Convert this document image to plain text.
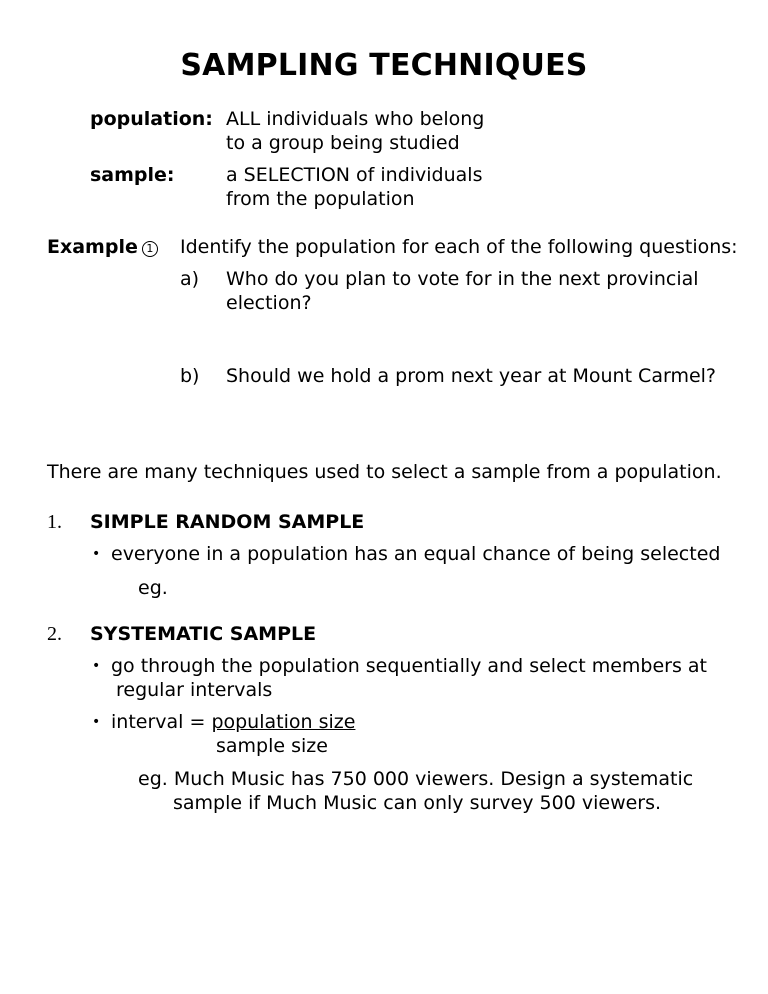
SAMPLING TECHNIQUES
population: ALL individuals who belong
to a group being studied
sample:	a SELECTION of individuals
from the population
Example 1 Identify the population for each of the following questions:
a) Who do you plan to vote for in the next provincial
election?
b) Should we hold a prom next year at Mount Carmel?
There are many techniques used to select a sample from a population.
1. SIMPLE RANDOM SAMPLE
• everyone in a population has an equal chance of being selected
eg.
2. SYSTEMATIC SAMPLE
• go through the population sequentially and select members at
regular intervals
• interval = population size
sample size
eg. Much Music has 750 000 viewers. Design a systematic
sample if Much Music can only survey 500 viewers.
